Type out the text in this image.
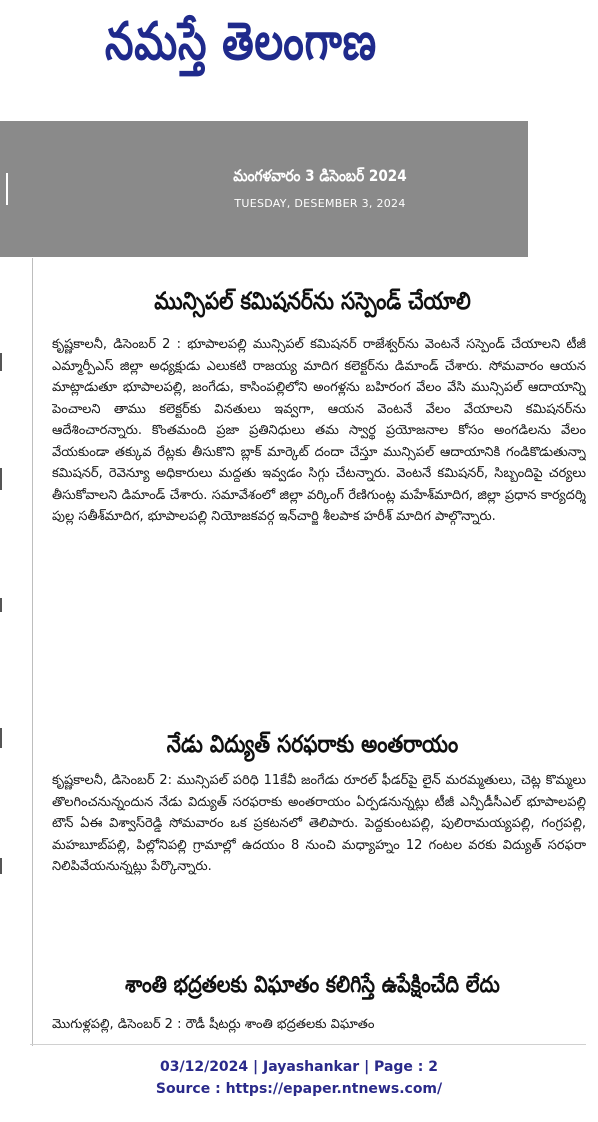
నమస్తే తెలంగాణ
మంగళవారం 3 డిసెంబర్ 2024
TUESDAY, DESEMBER 3, 2024
మున్సిపల్ కమిషనర్‌ను సస్పెండ్ చేయాలి

కృష్ణకాలనీ, డిసెంబర్ 2 : భూపాలపల్లి మున్సిపల్ కమిషనర్ రాజేశ్వర్‌ను వెంటనే సస్పెండ్ చేయాలని టీజీ ఎమ్మార్పీఎస్ జిల్లా అధ్యక్షుడు ఎలుకటి రాజయ్య మాదిగ కలెక్టర్‌ను డిమాండ్ చేశారు. సోమవారం ఆయన మాట్లాడుతూ భూపాలపల్లి, జంగేడు, కాసింపల్లిలోని అంగళ్లను బహిరంగ వేలం వేసి మున్సిపల్ ఆదాయాన్ని పెంచాలని తాము కలెక్టర్‌కు వినతులు ఇవ్వగా, ఆయన వెంటనే వేలం వేయాలని కమిషనర్‌ను ఆదేశించారన్నారు. కొంతమంది ప్రజా ప్రతినిధులు తమ స్వార్థ ప్రయోజనాల కోసం అంగడిలను వేలం వేయకుండా తక్కువ రేట్లకు తీసుకొని బ్లాక్ మార్కెట్ దందా చేస్తూ మున్సిపల్ ఆదాయానికి గండికొడుతున్నా కమిషనర్, రెవెన్యూ అధికారులు మద్దతు ఇవ్వడం సిగ్గు చేటన్నారు. వెంటనే కమిషనర్, సిబ్బందిపై చర్యలు తీసుకోవాలని డిమాండ్ చేశారు. సమావేశంలో జిల్లా వర్కింగ్ రేణిగుంట్ల మహేశ్‌మాదిగ, జిల్లా ప్రధాన కార్యదర్శి పుల్ల సతీశ్‌మాదిగ, భూపాలపల్లి నియోజకవర్గ ఇన్‌చార్జి శీలపాక హరీశ్ మాదిగ పాల్గొన్నారు.

నేడు విద్యుత్ సరఫరాకు అంతరాయం

కృష్ణకాలనీ, డిసెంబర్ 2: మున్సిపల్ పరిధి 11కేవీ జంగేడు రూరల్ ఫీడర్‌పై లైన్ మరమ్మతులు, చెట్ల కొమ్మలు తొలగించనున్నందున నేడు విద్యుత్ సరఫరాకు అంతరాయం ఏర్పడనున్నట్లు టీజీ ఎన్పీడీసీఎల్ భూపాలపల్లి టౌన్ ఏఈ విశ్వాస్‌రెడ్డి సోమవారం ఒక ప్రకటనలో తెలిపారు. పెద్దకుంటపల్లి, పులిరామయ్యపల్లి, గంగ్రపల్లి, మహబూబ్‌పల్లి, పిల్లోనిపల్లి గ్రామాల్లో ఉదయం 8 నుంచి మధ్యాహ్నం 12 గంటల వరకు విద్యుత్ సరఫరా నిలిపివేయనున్నట్లు పేర్కొన్నారు.

శాంతి భద్రతలకు విఘాతం కలిగిస్తే ఉపేక్షించేది లేదు

మొగుళ్లపల్లి, డిసెంబర్ 2 : రౌడీ షీటర్లు శాంతి భద్రతలకు విఘాతం

03/12/2024 | Jayashankar | Page : 2
Source : https://epaper.ntnews.com/
